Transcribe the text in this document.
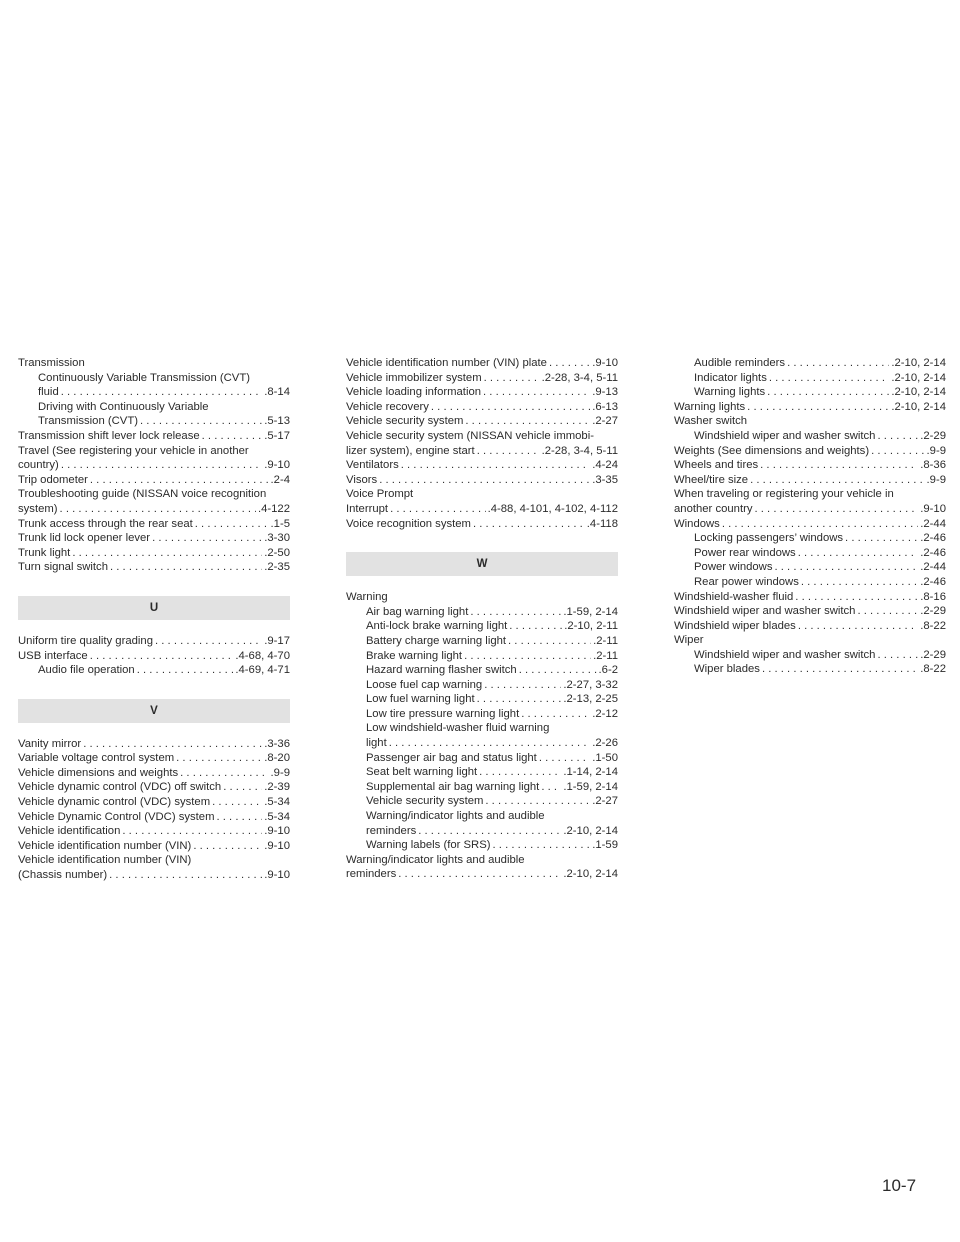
Transmission
Continuously Variable Transmission (CVT)
fluid . . .	.8-14
Driving with Continuously Variable
Transmission (CVT) . . .	.5-13
Transmission shift lever lock release . . .	.5-17
Travel (See registering your vehicle in another
country) . . .	.9-10
Trip odometer . . .	.2-4
Troubleshooting guide (NISSAN voice recognition
system) . . .	.4-122
Trunk access through the rear seat . . .	.1-5
Trunk lid lock opener lever . . .	.3-30
Trunk light . . .	.2-50
Turn signal switch . . .	.2-35
U
Uniform tire quality grading . . .	.9-17
USB interface . . .	.4-68, 4-70
Audio file operation . . .	.4-69, 4-71
V
Vanity mirror . . .	.3-36
Variable voltage control system . . .	.8-20
Vehicle dimensions and weights . . .	.9-9
Vehicle dynamic control (VDC) off switch . . .	.2-39
Vehicle dynamic control (VDC) system . . .	.5-34
Vehicle Dynamic Control (VDC) system . . .	.5-34
Vehicle identification . . .	.9-10
Vehicle identification number (VIN) . . .	.9-10
Vehicle identification number (VIN)
(Chassis number) . . .	.9-10
Vehicle identification number (VIN) plate . . .	.9-10
Vehicle immobilizer system . . .	.2-28, 3-4, 5-11
Vehicle loading information . . .	.9-13
Vehicle recovery . . .	.6-13
Vehicle security system . . .	.2-27
Vehicle security system (NISSAN vehicle immobi-
lizer system), engine start . . .	.2-28, 3-4, 5-11
Ventilators . . .	.4-24
Visors . . .	.3-35
Voice Prompt
Interrupt . . .	.4-88, 4-101, 4-102, 4-112
Voice recognition system . . .	.4-118
W
Warning
Air bag warning light . . .	.1-59, 2-14
Anti-lock brake warning light . . .	.2-10, 2-11
Battery charge warning light . . .	.2-11
Brake warning light . . .	.2-11
Hazard warning flasher switch . . .	.6-2
Loose fuel cap warning . . .	.2-27, 3-32
Low fuel warning light . . .	.2-13, 2-25
Low tire pressure warning light . . .	.2-12
Low windshield-washer fluid warning
light . . .	.2-26
Passenger air bag and status light . . .	.1-50
Seat belt warning light . . .	.1-14, 2-14
Supplemental air bag warning light . . . .1-59, 2-14
Vehicle security system . . .	.2-27
Warning/indicator lights and audible
reminders . . .	.2-10, 2-14
Warning labels (for SRS) . . .	.1-59
Warning/indicator lights and audible
reminders . . .	.2-10, 2-14
Audible reminders . . .	.2-10, 2-14
Indicator lights . . .	.2-10, 2-14
Warning lights . . .	.2-10, 2-14
Warning lights . . .	.2-10, 2-14
Washer switch
Windshield wiper and washer switch . . .	.2-29
Weights (See dimensions and weights) . . .	.9-9
Wheels and tires . . .	.8-36
Wheel/tire size . . .	.9-9
When traveling or registering your vehicle in
another country . . .	.9-10
Windows . . .	.2-44
Locking passengers’ windows . . .	.2-46
Power rear windows . . .	.2-46
Power windows . . .	.2-44
Rear power windows . . .	.2-46
Windshield-washer fluid . . .	.8-16
Windshield wiper and washer switch . . .	.2-29
Windshield wiper blades . . .	.8-22
Wiper
Windshield wiper and washer switch . . .	.2-29
Wiper blades . . .	.8-22
10-7
